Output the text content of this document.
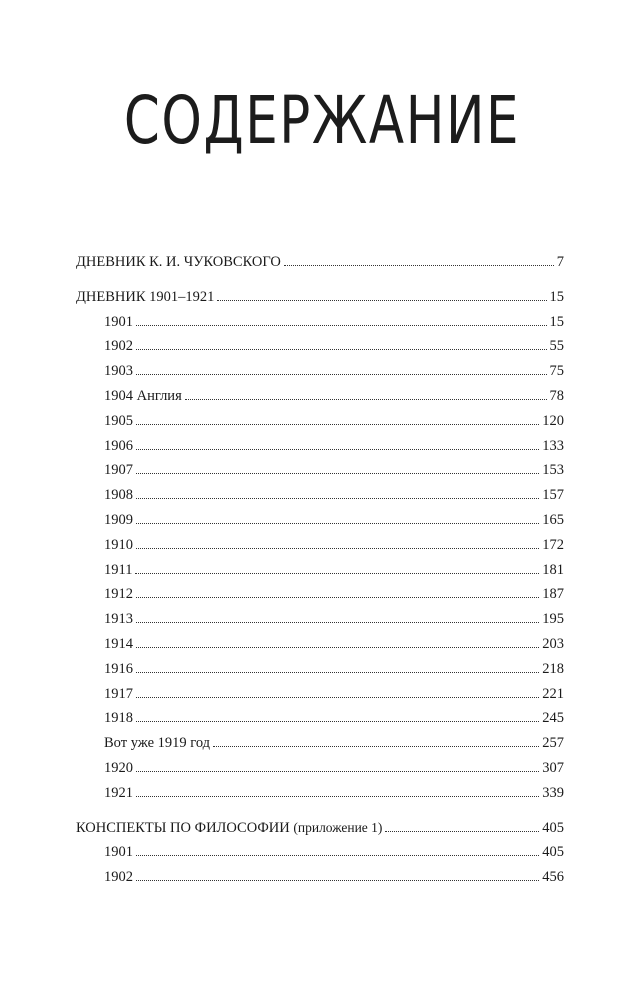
СОДЕРЖАНИЕ
ДНЕВНИК К. И. ЧУКОВСКОГО	7
ДНЕВНИК 1901–1921	15
1901	15
1902	55
1903	75
1904 Англия	78
1905	120
1906	133
1907	153
1908	157
1909	165
1910	172
1911	181
1912	187
1913	195
1914	203
1916	218
1917	221
1918	245
Вот уже 1919 год	257
1920	307
1921	339
КОНСПЕКТЫ ПО ФИЛОСОФИИ (приложение 1)	405
1901	405
1902	456
